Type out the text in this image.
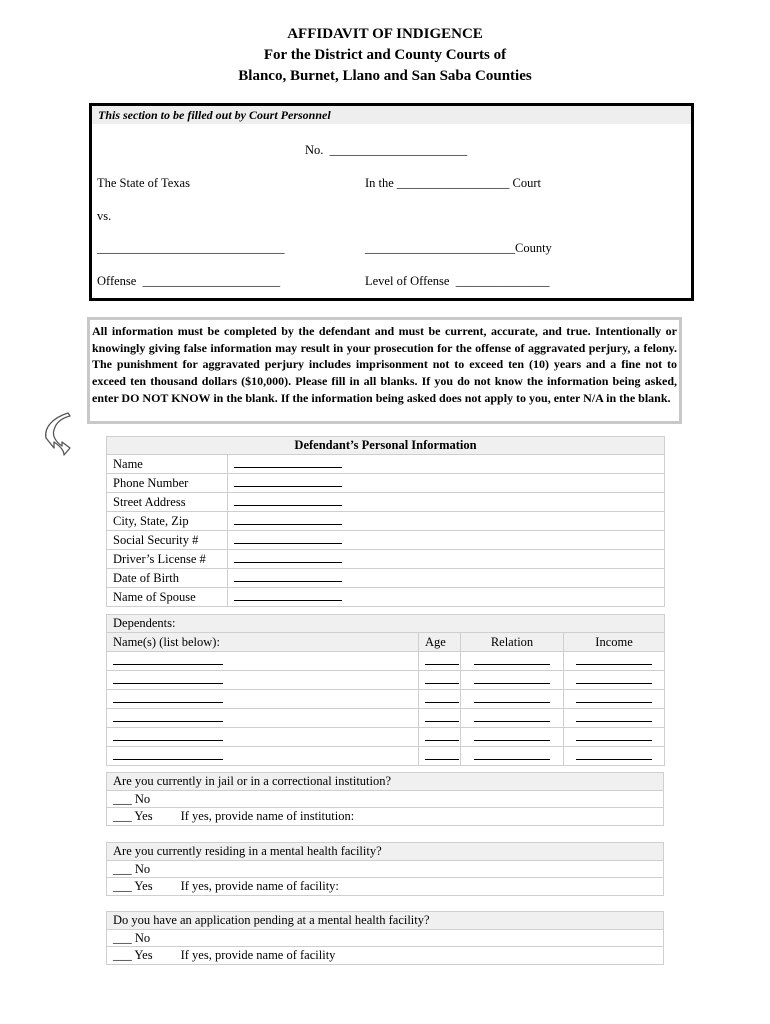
AFFIDAVIT OF INDIGENCE
For the District and County Courts of
Blanco, Burnet, Llano and San Saba Counties
This section to be filled out by Court Personnel
No.  ______________________
The State of Texas	In the __________________ Court
vs.
______________________________	________________________County
Offense  ______________________	Level of Offense  _______________
All information must be completed by the defendant and must be current, accurate, and true. Intentionally or knowingly giving false information may result in your prosecution for the offense of aggravated perjury, a felony. The punishment for aggravated perjury includes imprisonment not to exceed ten (10) years and a fine not to exceed ten thousand dollars ($10,000). Please fill in all blanks. If you do not know the information being asked, enter DO NOT KNOW in the blank. If the information being asked does not apply to you, enter N/A in the blank.
Defendant’s Personal Information	
Name	
Phone Number	
Street Address	
City, State, Zip	
Social Security #	
Driver’s License #	
Date of Birth	
Name of Spouse	
Dependents:			
Name(s) (list below):	Age	Relation	Income

Are you currently in jail or in a correctional institution?
___ No
___ Yes If yes, provide name of institution:
Are you currently residing in a mental health facility?
___ No
___ Yes If yes, provide name of facility:
Do you have an application pending at a mental health facility?
___ No
___ Yes If yes, provide name of facility
